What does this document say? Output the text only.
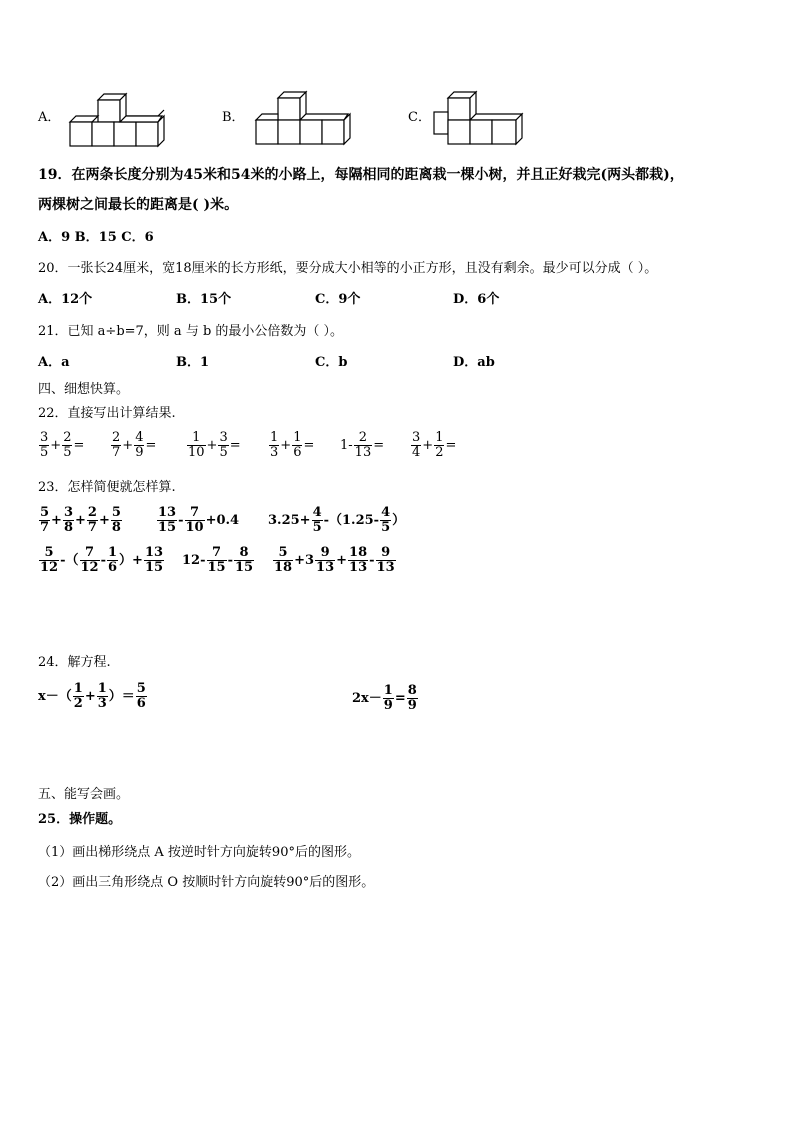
A．	B．	C．
19．在两条长度分别为45米和54米的小路上，每隔相同的距离栽一棵小树，并且正好栽完(两头都栽)，
两棵树之间最长的距离是( )米。
A．9 B．15 C．6
20．一张长24厘米，宽18厘米的长方形纸，要分成大小相等的小正方形，且没有剩余。最少可以分成（ ）。
A．12个	B．15个	C．9个	D．6个
21．已知 a÷b=7，则 a 与 b 的最小公倍数为（ ）。
A．a	B．1	C．b	D．ab
四、细想快算。
22．直接写出计算结果.
$\frac{3}{5} + \frac{2}{5} = \frac{2}{7} + \frac{4}{9} = \frac{1}{10} + \frac{3}{5} = \frac{1}{3} + \frac{1}{6} = 1- \frac{2}{13} = \frac{3}{4} + \frac{1}{2}$ =
23．怎样简便就怎样算.
$\frac{5}{7} + \frac{3}{8} + \frac{2}{7} + \frac{5}{8}$	$\frac{13}{15} - \frac{7}{10} +0.4$ $3.25+ \frac{4}{5} -(1.25- \frac{4}{5}$ ）
$\frac{5}{12}$ -（ $\frac{7}{12} - \frac{1}{6}$ ）+ $\frac{13}{15} 12- \frac{7}{15} - \frac{8}{15} \frac{5}{18} +3 \frac{9}{13} + \frac{18}{13} - \frac{9}{13}$
24．解方程.
$x-( \frac{1}{2} + \frac{1}{3}$ ）＝ $\frac{5}{6}$	$2x- \frac{1}{9} = \frac{8}{9}$
五、能写会画。
25．操作题。
（1）画出梯形绕点 A 按逆时针方向旋转90°后的图形。
（2）画出三角形绕点 O 按顺时针方向旋转90°后的图形。
